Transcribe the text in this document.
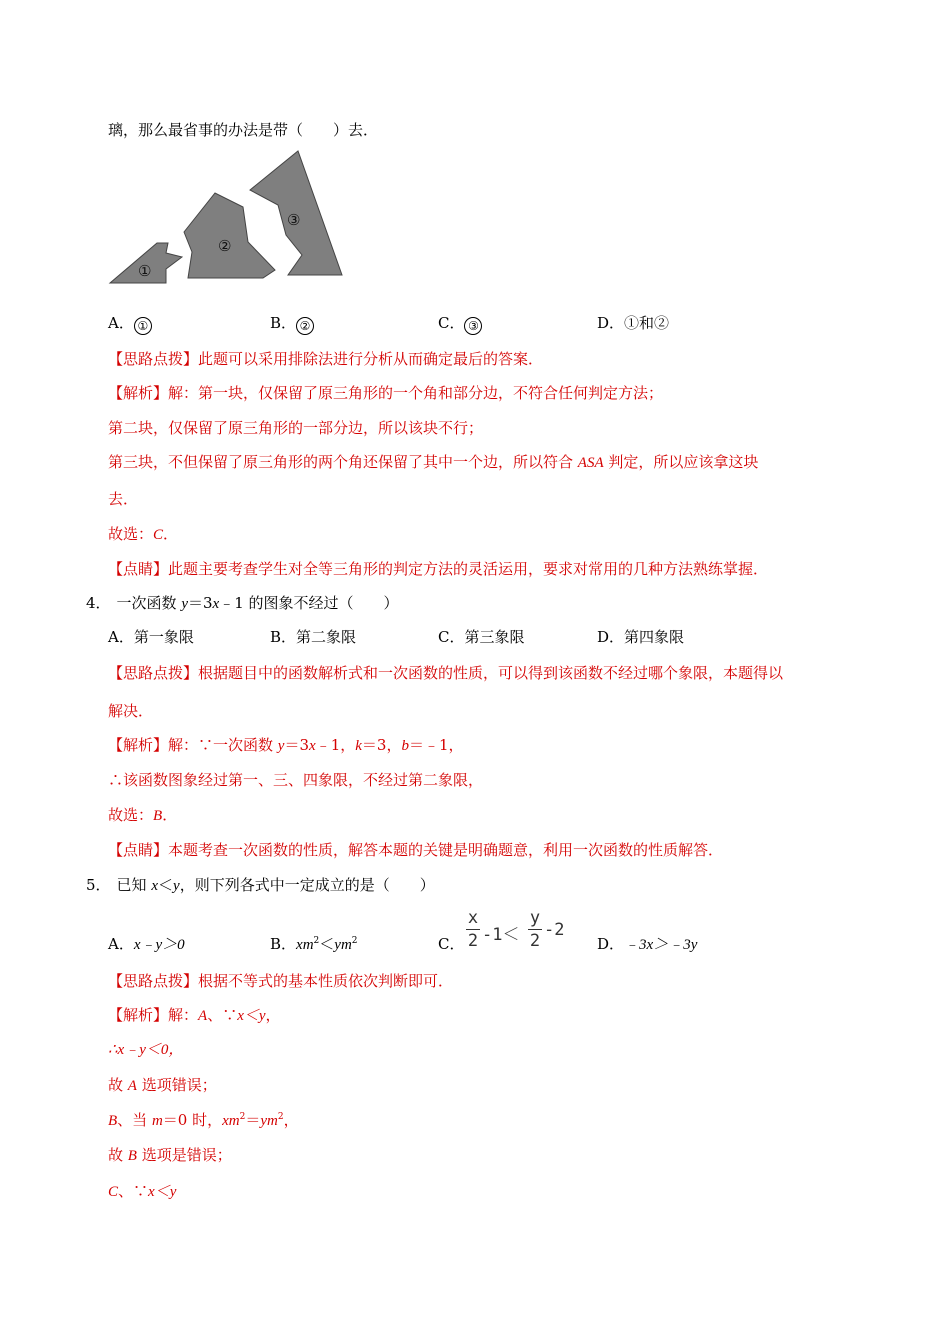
璃，那么最省事的办法是带（　　）去．
①
②
③
A． ①	B． ②	C． ③	D．①和②
【思路点拨】此题可以采用排除法进行分析从而确定最后的答案．
【解析】解：第一块，仅保留了原三角形的一个角和部分边，不符合任何判定方法；
第二块，仅保留了原三角形的一部分边，所以该块不行；
第三块，不但保留了原三角形的两个角还保留了其中一个边，所以符合 ASA 判定，所以应该拿这块
去．
故选：C．
【点睛】此题主要考查学生对全等三角形的判定方法的灵活运用，要求对常用的几种方法熟练掌握．
4． 一次函数 y＝3x﹣1 的图象不经过（　　）
A．第一象限	B．第二象限	C．第三象限	D．第四象限
【思路点拨】根据题目中的函数解析式和一次函数的性质，可以得到该函数不经过哪个象限，本题得以
解决．
【解析】解：∵一次函数 y＝3x﹣1，k＝3，b＝﹣1，
∴该函数图象经过第一、三、四象限，不经过第二象限，
故选：B．
【点睛】本题考查一次函数的性质，解答本题的关键是明确题意，利用一次函数的性质解答．
5． 已知 x＜y，则下列各式中一定成立的是（　　）
A．x﹣y＞0	B．$xm^2<ym^2$	C．
x
2 -1＜
y
2
-2
D．﹣3x＞﹣3y
【思路点拨】根据不等式的基本性质依次判断即可．
【解析】解：A、∵x＜y，
∴x﹣y＜0，
故 A 选项错误；
B、当 m＝0 时，$xm^2=ym^2$，
故 B 选项是错误；
C、∵x＜y
